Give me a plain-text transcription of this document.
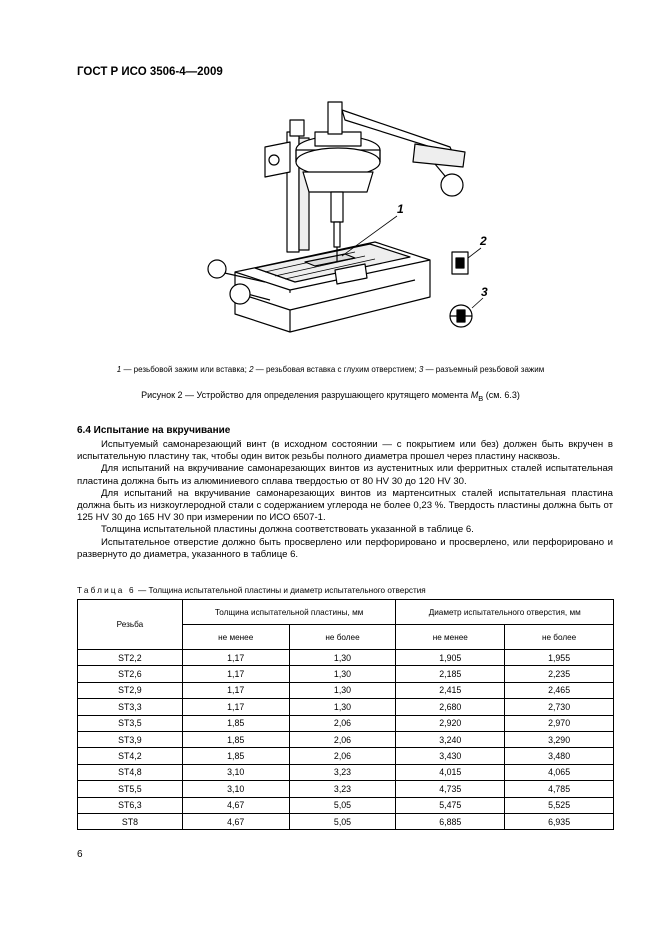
ГОСТ Р ИСО 3506-4—2009
1
2
3
1 — резьбовой зажим или вставка; 2 — резьбовая вставка с глухим отверстием; 3 — разъемный резьбовой зажим
Рисунок 2 — Устройство для определения разрушающего крутящего момента $M_B$ (см. 6.3)
6.4 Испытание на вкручивание

Испытуемый самонарезающий винт (в исходном состоянии — с покрытием или без) должен быть вкручен в испытательную пластину так, чтобы один виток резьбы полного диаметра прошел через пластину насквозь.

Для испытаний на вкручивание самонарезающих винтов из аустенитных или ферритных сталей испытательная пластина должна быть из алюминиевого сплава твердостью от 80 HV 30 до 120 HV 30.

Для испытаний на вкручивание самонарезающих винтов из мартенситных сталей испытательная пластина должна быть из низкоуглеродной стали с содержанием углерода не более 0,23 %. Твердость пластины должна быть от 125 HV 30 до 165 HV 30 при измерении по ИСО 6507-1.

Толщина испытательной пластины должна соответствовать указанной в таблице 6.

Испытательное отверстие должно быть просверлено или перфорировано и просверлено, или перфорировано и развернуто до диаметра, указанного в таблице 6.

Таблица 6 — Толщина испытательной пластины и диаметр испытательного отверстия
Резьба	Толщина испытательной пластины, мм		Диаметр испытательного отверстия, мм	
	не менее	не более	не менее	не более
ST2,2	1,17	1,30	1,905	1,955
ST2,6	1,17	1,30	2,185	2,235
ST2,9	1,17	1,30	2,415	2,465
ST3,3	1,17	1,30	2,680	2,730
ST3,5	1,85	2,06	2,920	2,970
ST3,9	1,85	2,06	3,240	3,290
ST4,2	1,85	2,06	3,430	3,480
ST4,8	3,10	3,23	4,015	4,065
ST5,5	3,10	3,23	4,735	4,785
ST6,3	4,67	5,05	5,475	5,525
ST8	4,67	5,05	6,885	6,935
6
